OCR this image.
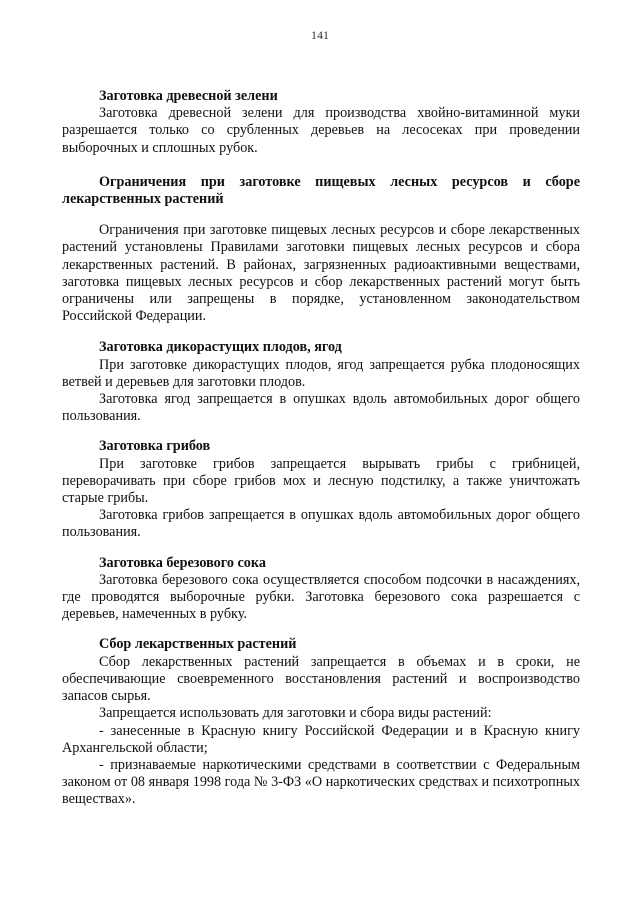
141

Заготовка древесной зелени

Заготовка древесной зелени для производства хвойно-витаминной муки разрешается только со срубленных деревьев на лесосеках при проведении выборочных и сплошных рубок.

Ограничения при заготовке пищевых лесных ресурсов и сборе лекарственных растений

Ограничения при заготовке пищевых лесных ресурсов и сборе лекарственных растений установлены Правилами заготовки пищевых лесных ресурсов и сбора лекарственных растений. В районах, загрязненных радиоактивными веществами, заготовка пищевых лесных ресурсов и сбор лекарственных растений могут быть ограничены или запрещены в порядке, установленном законодательством Российской Федерации.

Заготовка дикорастущих плодов, ягод

При заготовке дикорастущих плодов, ягод запрещается рубка плодоносящих ветвей и деревьев для заготовки плодов.

Заготовка ягод запрещается в опушках вдоль автомобильных дорог общего пользования.

Заготовка грибов

При заготовке грибов запрещается вырывать грибы с грибницей, переворачивать при сборе грибов мох и лесную подстилку, а также уничтожать старые грибы.

Заготовка грибов запрещается в опушках вдоль автомобильных дорог общего пользования.

Заготовка березового сока

Заготовка березового сока осуществляется способом подсочки в насаждениях, где проводятся выборочные рубки. Заготовка березового сока разрешается с деревьев, намеченных в рубку.

Сбор лекарственных растений

Сбор лекарственных растений запрещается в объемах и в сроки, не обеспечивающие своевременного восстановления растений и воспроизводство запасов сырья.

Запрещается использовать для заготовки и сбора виды растений:

- занесенные в Красную книгу Российской Федерации и в Красную книгу Архангельской области;

- признаваемые наркотическими средствами в соответствии с Федеральным законом от 08 января 1998 года № 3-ФЗ «О наркотических средствах и психотропных веществах».
